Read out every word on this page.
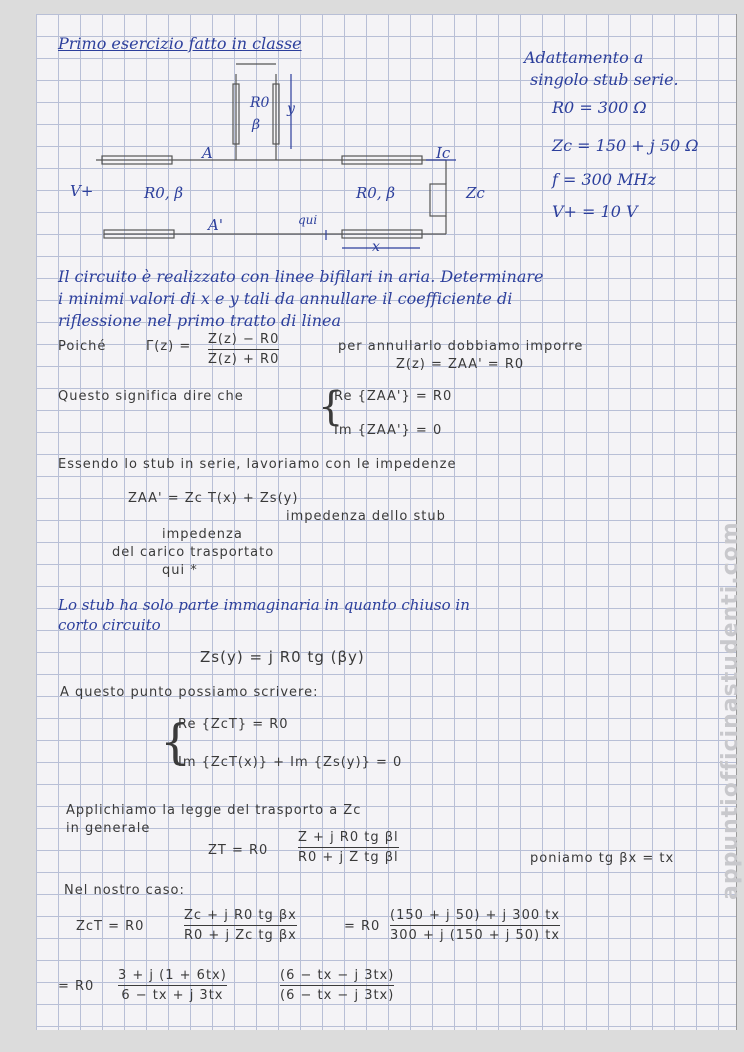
Primo esercizio fatto in classe
Adattamento a
singolo stub serie.
R0 = 300 Ω
Zc = 150 + j 50 Ω
f = 300 MHz
V+ = 10 V
A
A'
V+	R0, β
R0
β
y
R0, β
Ic
Zc
qui
x
Il circuito è realizzato con linee bifilari in aria. Determinare
i minimi valori di x e y tali da annullare il coefficiente di
riflessione nel primo tratto di linea
Poiché	Γ(z) = Z(z) − R0
Z(z) + R0
per annullarlo dobbiamo imporre
Z(z) = ZAA' = R0
Questo significa dire che {
Re {ZAA'} = R0
Im {ZAA'} = 0
Essendo lo stub in serie, lavoriamo con le impedenze
ZAA' = Zc T(x) + Zs(y)
impedenza dello stub
impedenza
del carico trasportato
qui *
Lo stub ha solo parte immaginaria in quanto chiuso in
corto circuito
Zs(y) = j R0 tg (βy)
A questo punto possiamo scrivere:
{
Re {ZcT} = R0
Im {ZcT(x)} + Im {Zs(y)} = 0
Applichiamo la legge del trasporto a Zc
in generale
ZT = R0
Z + j R0 tg βl
R0 + j Z tg βl	poniamo tg βx = tx
Nel nostro caso:
ZcT = R0
Zc + j R0 tg βx
R0 + j Zc tg βx
= R0
(150 + j 50) + j 300 tx
300 + j (150 + j 50) tx
= R0
3 + j (1 + 6tx)
6 − tx + j 3tx
(6 − tx − j 3tx)
(6 − tx − j 3tx)
appuntiofficinastudenti.com
